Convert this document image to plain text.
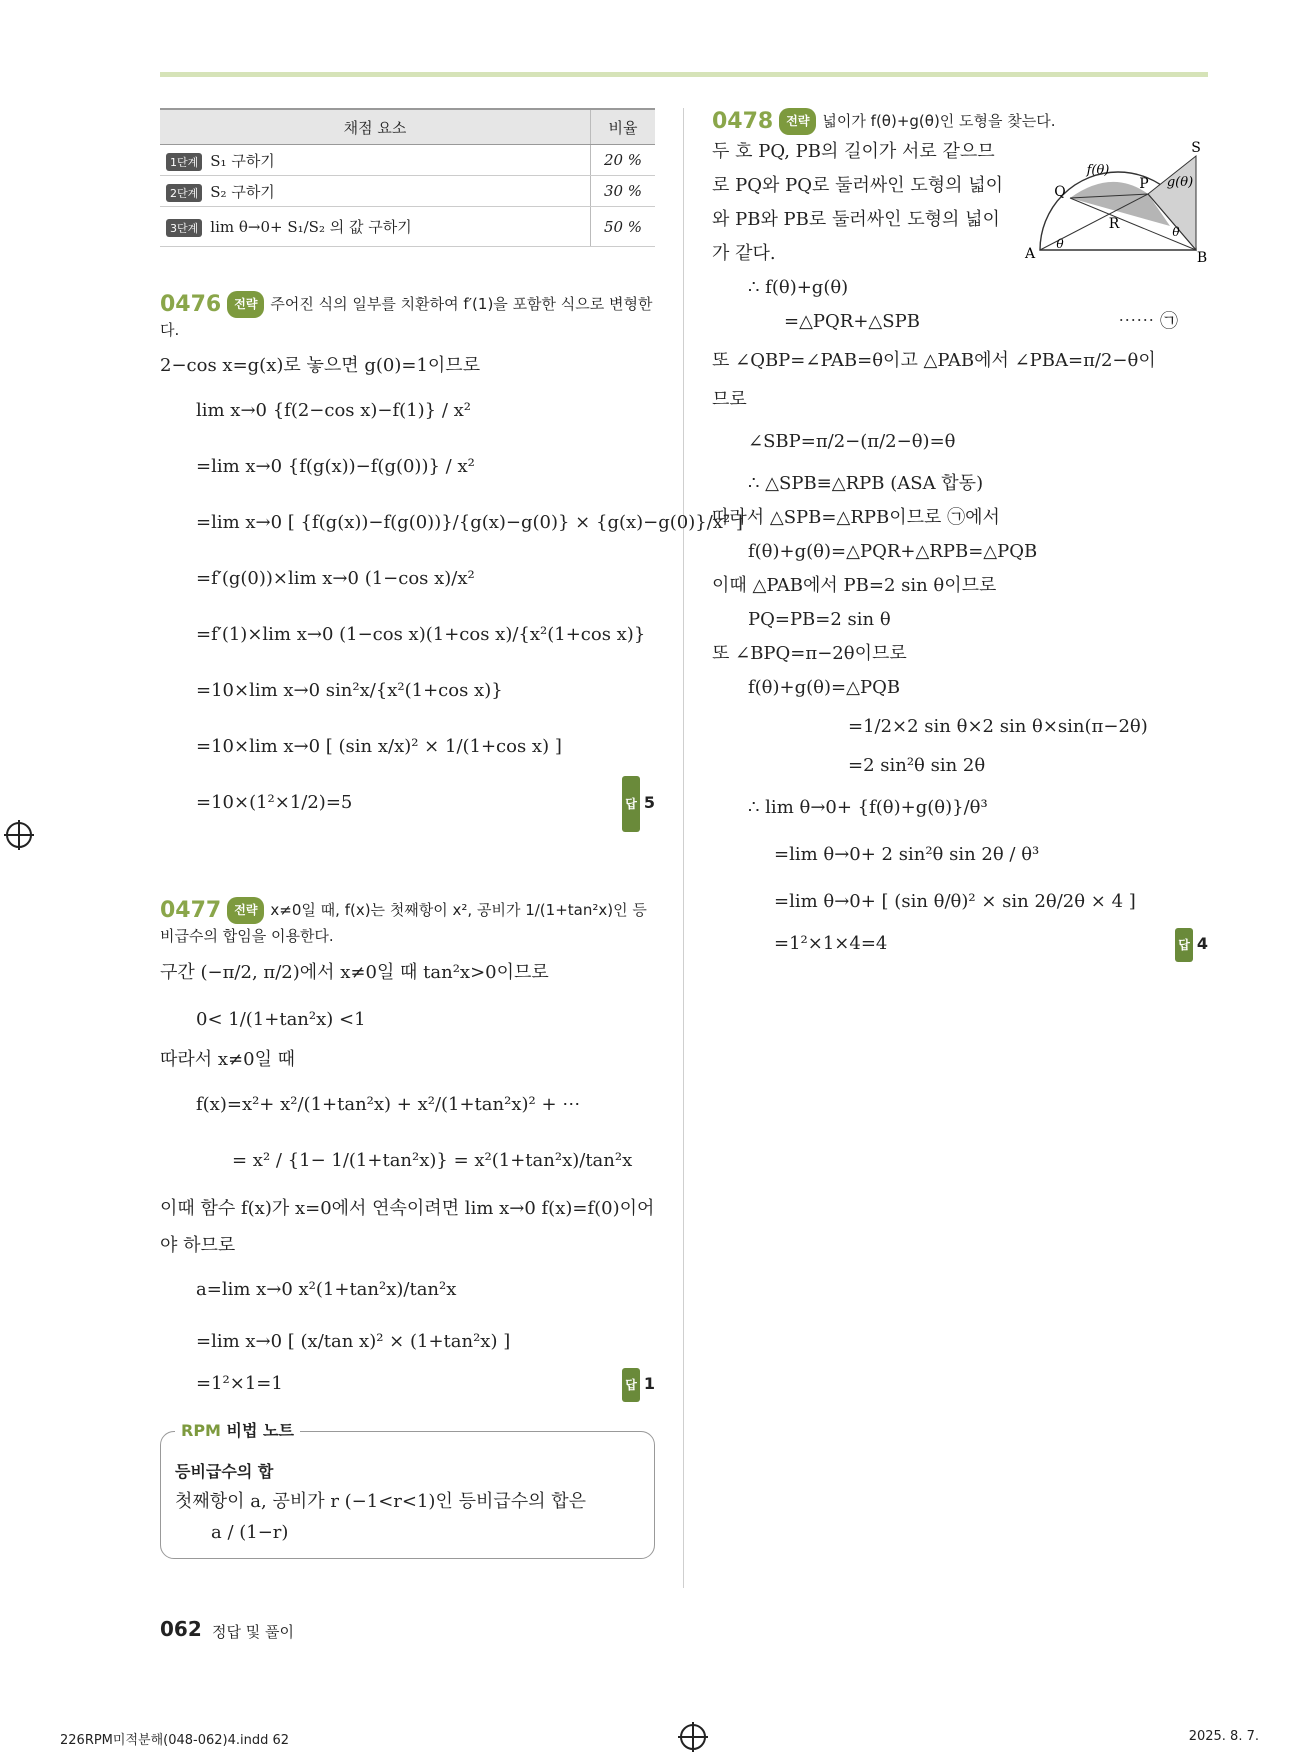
채점 요소	비율
1단계 S₁ 구하기	20 %
2단계 S₂ 구하기	30 %
3단계 lim θ→0+ S₁/S₂ 의 값 구하기	50 %
0476 전략 주어진 식의 일부를 치환하여 f′(1)을 포함한 식으로 변형한다.
2−cos x=g(x)로 놓으면 g(0)=1이므로
lim x→0 {f(2−cos x)−f(1)} / x²
=lim x→0 {f(g(x))−f(g(0))} / x²
=lim x→0 [ {f(g(x))−f(g(0))}/{g(x)−g(0)} × {g(x)−g(0)}/x² ]
=f′(g(0))×lim x→0 (1−cos x)/x²
=f′(1)×lim x→0 (1−cos x)(1+cos x)/{x²(1+cos x)}
=10×lim x→0 sin²x/{x²(1+cos x)}
=10×lim x→0 [ (sin x/x)² × 1/(1+cos x) ]
=10×(1²×1/2)=5	답 5
0477 전략 x≠0일 때, f(x)는 첫째항이 x², 공비가 1/(1+tan²x)인 등비급수의 합임을 이용한다.
구간 (−π/2, π/2)에서 x≠0일 때 tan²x>0이므로
0< 1/(1+tan²x) <1
따라서 x≠0일 때
f(x)=x²+ x²/(1+tan²x) + x²/(1+tan²x)² + ⋯
= x² / {1− 1/(1+tan²x)} = x²(1+tan²x)/tan²x
이때 함수 f(x)가 x=0에서 연속이려면 lim x→0 f(x)=f(0)이어
야 하므로
a=lim x→0 x²(1+tan²x)/tan²x
=lim x→0 [ (x/tan x)² × (1+tan²x) ]
=1²×1=1	답 1
RPM 비법 노트
등비급수의 합
첫째항이 a, 공비가 r (−1<r<1)인 등비급수의 합은
a / (1−r)
0478 전략 넓이가 f(θ)+g(θ)인 도형을 찾는다.
두 호 PQ, PB의 길이가 서로 같으므
로 PQ와 PQ로 둘러싸인 도형의 넓이
와 PB와 PB로 둘러싸인 도형의 넓이
가 같다.
∴ f(θ)+g(θ)
=△PQR+△SPB	⋯⋯ ㉠
또 ∠QBP=∠PAB=θ이고 △PAB에서 ∠PBA=π/2−θ이
므로
∠SBP=π/2−(π/2−θ)=θ
∴ △SPB≡△RPB (ASA 합동)
따라서 △SPB=△RPB이므로 ㉠에서
f(θ)+g(θ)=△PQR+△RPB=△PQB
이때 △PAB에서 PB=2 sin θ이므로
PQ=PB=2 sin θ
또 ∠BPQ=π−2θ이므로
f(θ)+g(θ)=△PQB
=1/2×2 sin θ×2 sin θ×sin(π−2θ)
=2 sin²θ sin 2θ
∴ lim θ→0+ {f(θ)+g(θ)}/θ³
=lim θ→0+ 2 sin²θ sin 2θ / θ³
=lim θ→0+ [ (sin θ/θ)² × sin 2θ/2θ × 4 ]
=1²×1×4=4	답 4
S
P
Q
R
A	B
f(θ)
g(θ)
θ
θ
062 정답 및 풀이
226RPM미적분해(048-062)4.indd 62	2025. 8. 7.
